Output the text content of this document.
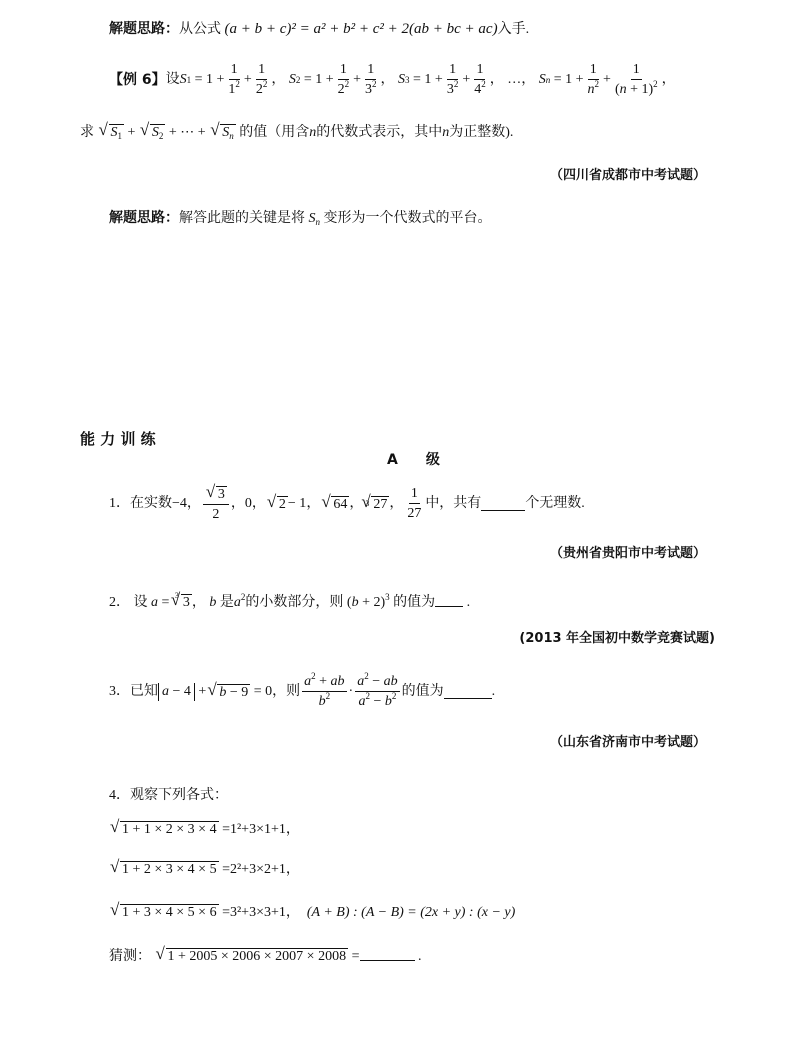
解题思路：从公式 (a + b + c)² = a² + b² + c² + 2(ab + bc + ac)入手.
【例 6】 设 S $1 = 1 + \frac{1}{1^2} + \frac{1}{2^2}$ ，
S $2 = 1 + \frac{1}{2^2} + \frac{1}{3^2}$ ，
S $3 = 1 + \frac{1}{3^2} + \frac{1}{4^2}$ ，
…，
S $n = 1 + \frac{1}{n^2} + \frac{1}{(n + 1)^2}$ ，
求 √ $S_1$ + √ $S_2$ + ⋯ + √ $S_n$ 的值（用含n的代数式表示，其中n为正整数).
（四川省成都市中考试题）
解题思路：解答此题的关键是将 $S_n$ 变形为一个代数式的平台。
能 力 训 练
A　　级
1． 在实数 −4 ， √ $\frac{3}{2}$ ， 0 ， √ 2 − 1 ， √ 64 ， 3 √ 27 ， $\frac{1}{27}$ 中，共有	个无理数.
（贵州省贵阳市中考试题）
2． 设 a = $^3$ √ 3 ， b 是$a^2$的小数部分，则
$(b + 2)^3$ 的值为 .
(2013 年全国初中数学竞赛试题)
3． 已知 a − 4 + √ b − 9 = 0 ，则 $\frac{a^2 + ab}{b^2} \cdot \frac{a^2 - ab}{a^2 - b^2}$ 的值为	.
（山东省济南市中考试题）
4．观察下列各式：
√ 1 + 1 × 2 × 3 × 4 =1²+3×1+1，
√ 1 + 2 × 3 × 4 × 5 =2²+3×2+1，
√ 1 + 3 × 4 × 5 × 6 =3²+3×3+1， (A + B) : (A − B) = (2x + y) : (x − y)
猜测： √ 1 + 2005 × 2006 × 2007 × 2008 =	.
